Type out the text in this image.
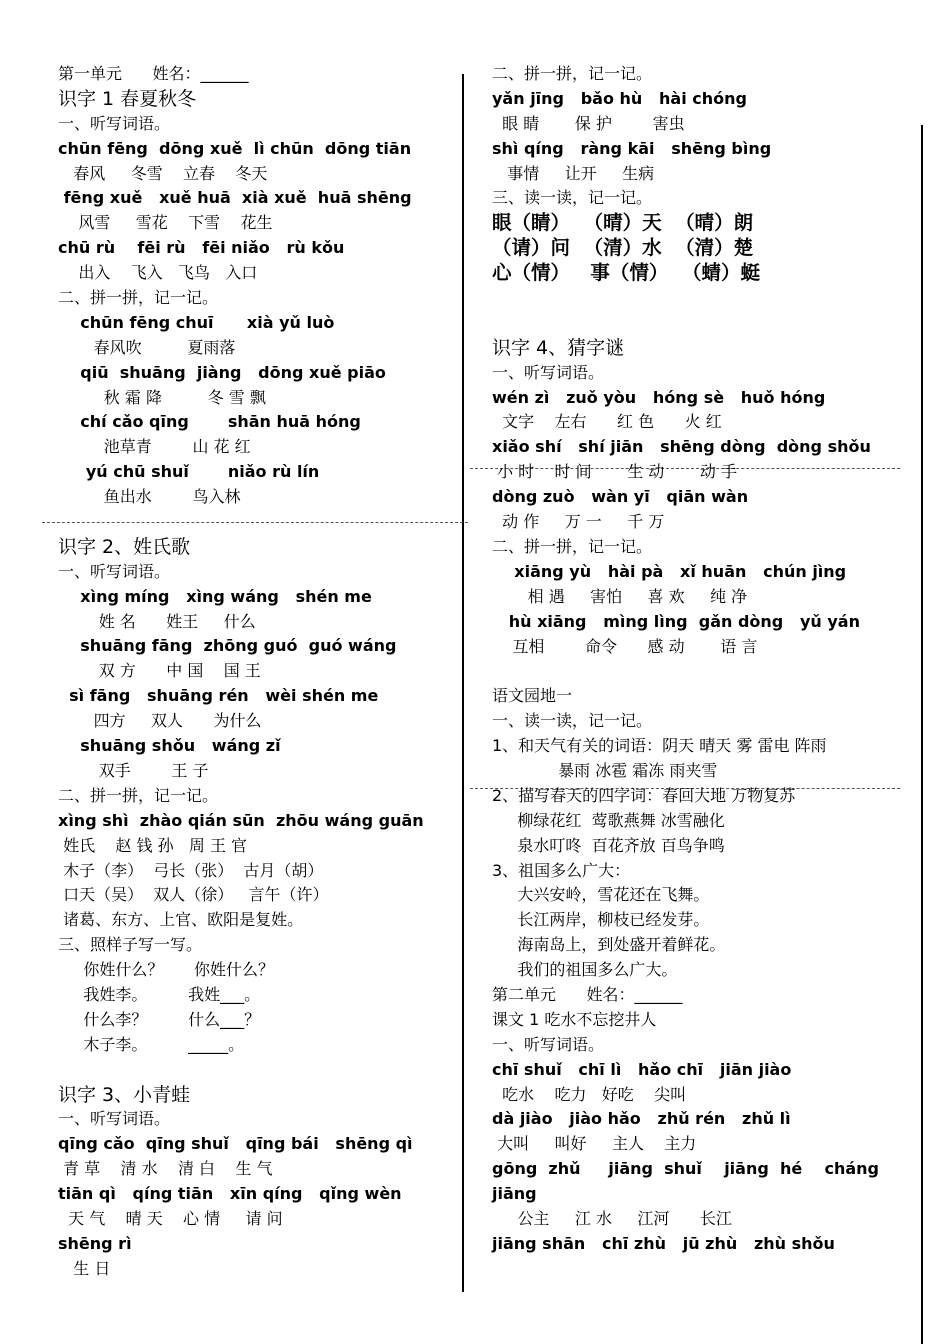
第一单元      姓名：______
识字 1 春夏秋冬
一、听写词语。
chūn fēng  dōng xuě  lì chūn  dōng tiān
春风     冬雪    立春    冬天
fēng xuě   xuě huā  xià xuě  huā shēng
风雪     雪花    下雪    花生
chū rù    fēi rù   fēi niǎo   rù kǒu
出入    飞入   飞鸟   入口
二、拼一拼，记一记。
chūn fēng chuī      xià yǔ luò
春风吹         夏雨落
qiū  shuāng  jiàng   dōng xuě piāo
秋 霜 降         冬 雪 飘
chí cǎo qīng       shān huā hóng
池草青        山 花 红
yú chū shuǐ       niǎo rù lín
鱼出水        鸟入林
识字 2、姓氏歌
一、听写词语。
xìng míng   xìng wáng   shén me
姓 名      姓王     什么
shuāng fāng  zhōng guó  guó wáng
双 方      中 国    国 王
sì fāng   shuāng rén   wèi shén me
四方     双人      为什么
shuāng shǒu   wáng zǐ
双手        王 子
二、拼一拼，记一记。
xìng shì  zhào qián sūn  zhōu wáng guān
姓氏    赵 钱 孙   周 王 官
木子（李）  弓长（张）  古月（胡）
口天（吴）  双人（徐）   言午（许）
诸葛、东方、上官、欧阳是复姓。
三、照样子写一写。
你姓什么？      你姓什么？
我姓李。        我姓___。
什么李？        什么___？
木子李。        _____。
识字 3、小青蛙
一、听写词语。
qīng cǎo  qīng shuǐ   qīng bái   shēng qì
青 草    清 水    清 白    生 气
tiān qì   qíng tiān   xīn qíng   qǐng wèn
天 气    晴 天    心 情     请 问
shēng rì
生 日
二、拼一拼，记一记。
yǎn jīng   bǎo hù   hài chóng
眼 睛       保 护        害虫
shì qíng   ràng kāi   shēng bìng
事情     让开     生病
三、读一读，记一记。
眼（睛）  （晴）天  （晴）朗
（请）问  （清）水  （清）楚
心（情）   事（情）  （蜻）蜓
识字 4、猜字谜
一、听写词语。
wén zì   zuǒ yòu   hóng sè   huǒ hóng
文字    左右      红 色      火 红
xiǎo shí   shí jiān   shēng dòng  dòng shǒu
小 时    时 间       生 动       动 手
dòng zuò   wàn yī   qiān wàn
动 作     万 一     千 万
二、拼一拼，记一记。
xiāng yù   hài pà   xǐ huān   chún jìng
相 遇     害怕     喜 欢     纯 净
hù xiāng   mìng lìng  gǎn dòng   yǔ yán
互相        命令      感 动       语 言
语文园地一
一、读一读，记一记。
1、和天气有关的词语：阴天 晴天 雾 雷电 阵雨
暴雨 冰雹 霜冻 雨夹雪
2、描写春天的四字词：春回大地 万物复苏
柳绿花红  莺歌燕舞 冰雪融化
泉水叮咚  百花齐放 百鸟争鸣
3、祖国多么广大：
大兴安岭，雪花还在飞舞。
长江两岸，柳枝已经发芽。
海南岛上，到处盛开着鲜花。
我们的祖国多么广大。
第二单元      姓名：______
课文 1 吃水不忘挖井人
一、听写词语。
chī shuǐ   chī lì   hǎo chī   jiān jiào
吃水    吃力   好吃    尖叫
dà jiào   jiào hǎo   zhǔ rén   zhǔ lì
大叫     叫好     主人    主力
gōng  zhǔ     jiāng  shuǐ    jiāng  hé    cháng
jiāng
公主     江 水     江河      长江
jiāng shān   chī zhù   jū zhù   zhù shǒu
